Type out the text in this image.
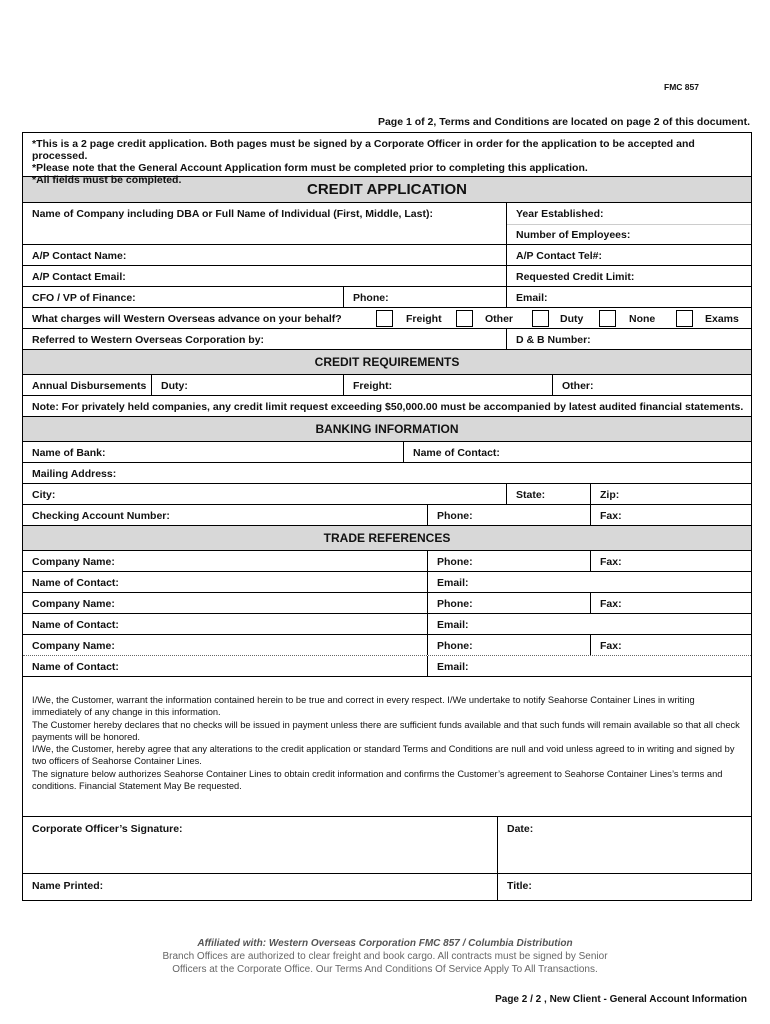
FMC 857
Page 1 of 2, Terms and Conditions are located on page 2 of this document.
*This is a 2 page credit application. Both pages must be signed by a Corporate Officer in order for the application to be accepted and processed.
*Please note that the General Account Application form must be completed prior to completing this application.
*All fields must be completed.
CREDIT APPLICATION
Name of Company including DBA or Full Name of Individual (First, Middle, Last):	Year Established:
Number of Employees:
A/P Contact Name:	A/P Contact Tel#:
A/P Contact Email:	Requested Credit Limit:
CFO / VP of Finance:	Phone:	Email:
What charges will Western Overseas advance on your behalf?	Freight	Other	Duty	None	Exams
Referred to Western Overseas Corporation by:	D & B Number:
CREDIT REQUIREMENTS
Annual Disbursements	Duty:	Freight:	Other:
Note: For privately held companies, any credit limit request exceeding $50,000.00 must be accompanied by latest audited financial statements.
BANKING INFORMATION
Name of Bank:	Name of Contact:
Mailing Address:
City:	State:	Zip:
Checking Account Number:	Phone:	Fax:
TRADE REFERENCES
Company Name:	Phone:	Fax:
Name of Contact:	Email:
Company Name:	Phone:	Fax:
Name of Contact:	Email:
Company Name:	Phone:	Fax:
Name of Contact:	Email:

I/We, the Customer, warrant the information contained herein to be true and correct in every respect. I/We undertake to notify Seahorse Container Lines in writing immediately of any change in this information.

The Customer hereby declares that no checks will be issued in payment unless there are sufficient funds available and that such funds will remain available so that all check payments will be honored.

I/We, the Customer, hereby agree that any alterations to the credit application or standard Terms and Conditions are null and void unless agreed to in writing and signed by two officers of Seahorse Container Lines.

The signature below authorizes Seahorse Container Lines to obtain credit information and confirms the Customer’s agreement to Seahorse Container Lines’s terms and conditions. Financial Statement May Be requested.

Corporate Officer’s Signature:	Date:
Name Printed:	Title:
Affiliated with: Western Overseas Corporation FMC 857 / Columbia Distribution
Branch Offices are authorized to clear freight and book cargo. All contracts must be signed by Senior
Officers at the Corporate Office. Our Terms And Conditions Of Service Apply To All Transactions.
Page 2 / 2 , New Client - General Account Information
